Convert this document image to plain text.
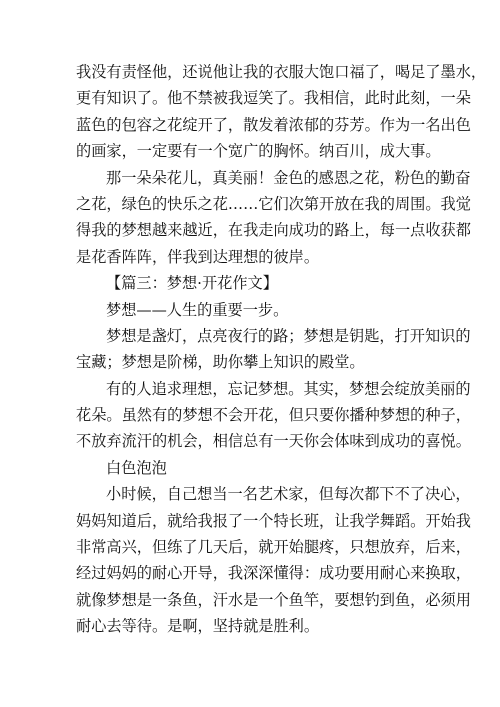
我没有责怪他，还说他让我的衣服大饱口福了，喝足了墨水，
更有知识了。他不禁被我逗笑了。我相信，此时此刻，一朵
蓝色的包容之花绽开了，散发着浓郁的芬芳。作为一名出色
的画家，一定要有一个宽广的胸怀。纳百川，成大事。
那一朵朵花儿，真美丽！金色的感恩之花，粉色的勤奋
之花，绿色的快乐之花……它们次第开放在我的周围。我觉
得我的梦想越来越近，在我走向成功的路上，每一点收获都
是花香阵阵，伴我到达理想的彼岸。
【篇三：梦想·开花作文】
梦想——人生的重要一步。
梦想是盏灯，点亮夜行的路；梦想是钥匙，打开知识的
宝藏；梦想是阶梯，助你攀上知识的殿堂。
有的人追求理想，忘记梦想。其实，梦想会绽放美丽的
花朵。虽然有的梦想不会开花，但只要你播种梦想的种子，
不放弃流汗的机会，相信总有一天你会体味到成功的喜悦。
白色泡泡
小时候，自己想当一名艺术家，但每次都下不了决心，
妈妈知道后，就给我报了一个特长班，让我学舞蹈。开始我
非常高兴，但练了几天后，就开始腿疼，只想放弃，后来，
经过妈妈的耐心开导，我深深懂得：成功要用耐心来换取，
就像梦想是一条鱼，汗水是一个鱼竿，要想钓到鱼，必须用
耐心去等待。是啊，坚持就是胜利。
